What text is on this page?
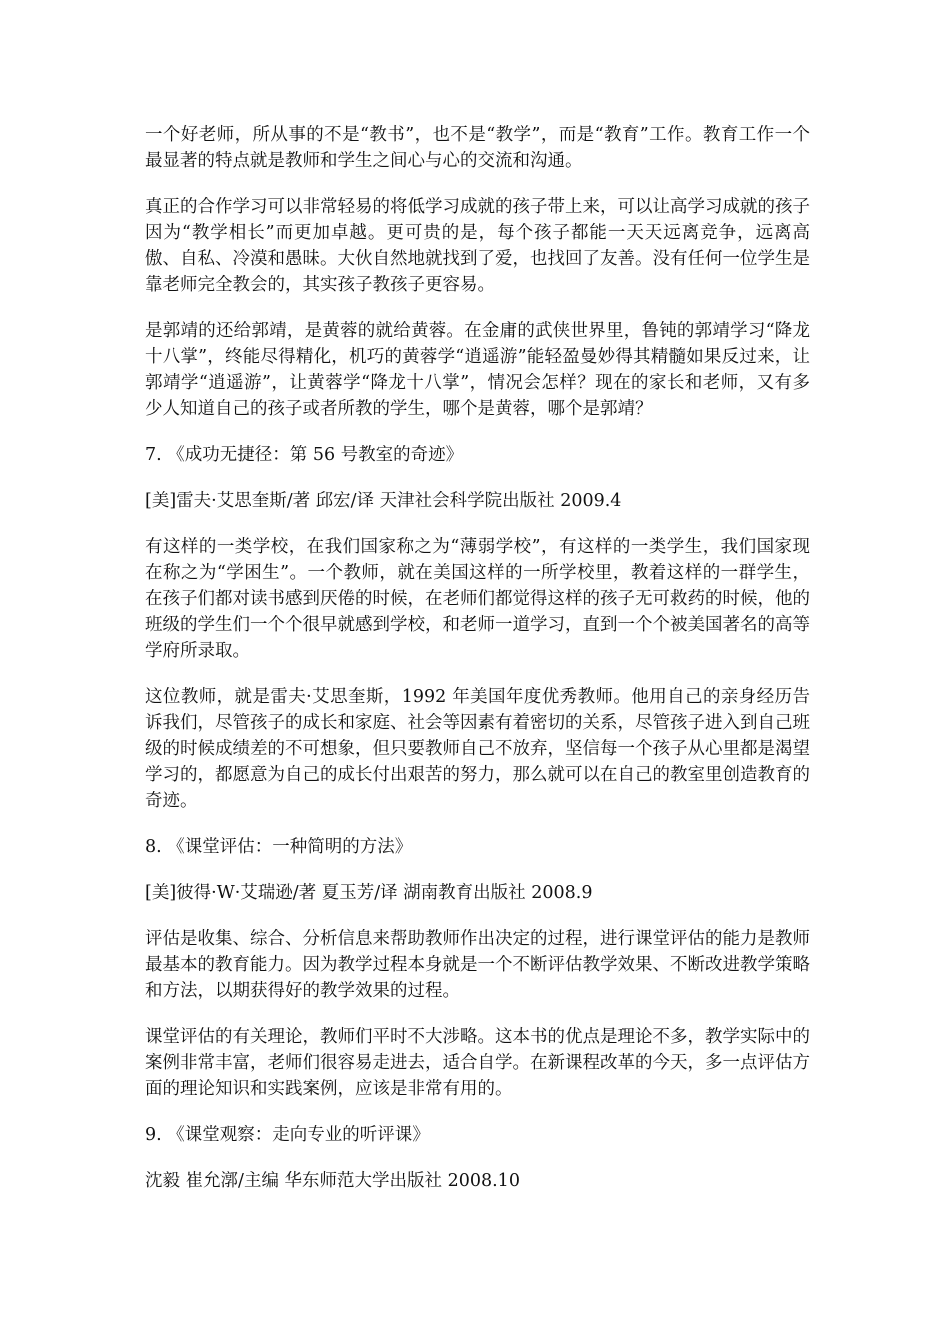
一个好老师，所从事的不是“教书”，也不是“教学”，而是“教育”工作。教育工作一个最显著的特点就是教师和学生之间心与心的交流和沟通。

真正的合作学习可以非常轻易的将低学习成就的孩子带上来，可以让高学习成就的孩子因为“教学相长”而更加卓越。更可贵的是，每个孩子都能一天天远离竞争，远离高傲、自私、冷漠和愚昧。大伙自然地就找到了爱，也找回了友善。没有任何一位学生是靠老师完全教会的，其实孩子教孩子更容易。

是郭靖的还给郭靖，是黄蓉的就给黄蓉。在金庸的武侠世界里，鲁钝的郭靖学习“降龙十八掌”，终能尽得精化，机巧的黄蓉学“逍遥游”能轻盈曼妙得其精髓如果反过来，让郭靖学“逍遥游”，让黄蓉学“降龙十八掌”，情况会怎样？现在的家长和老师，又有多少人知道自己的孩子或者所教的学生，哪个是黄蓉，哪个是郭靖？

7. 《成功无捷径：第 56 号教室的奇迹》

[美]雷夫·艾思奎斯/著 邱宏/译 天津社会科学院出版社 2009.4

有这样的一类学校，在我们国家称之为“薄弱学校”，有这样的一类学生，我们国家现在称之为“学困生”。一个教师，就在美国这样的一所学校里，教着这样的一群学生，在孩子们都对读书感到厌倦的时候，在老师们都觉得这样的孩子无可救药的时候，他的班级的学生们一个个很早就感到学校，和老师一道学习，直到一个个被美国著名的高等学府所录取。

这位教师，就是雷夫·艾思奎斯，1992 年美国年度优秀教师。他用自己的亲身经历告诉我们，尽管孩子的成长和家庭、社会等因素有着密切的关系，尽管孩子进入到自己班级的时候成绩差的不可想象，但只要教师自己不放弃，坚信每一个孩子从心里都是渴望学习的，都愿意为自己的成长付出艰苦的努力，那么就可以在自己的教室里创造教育的奇迹。

8. 《课堂评估：一种简明的方法》

[美]彼得·W·艾瑞逊/著 夏玉芳/译 湖南教育出版社 2008.9

评估是收集、综合、分析信息来帮助教师作出决定的过程，进行课堂评估的能力是教师最基本的教育能力。因为教学过程本身就是一个不断评估教学效果、不断改进教学策略和方法，以期获得好的教学效果的过程。

课堂评估的有关理论，教师们平时不大涉略。这本书的优点是理论不多，教学实际中的案例非常丰富，老师们很容易走进去，适合自学。在新课程改革的今天，多一点评估方面的理论知识和实践案例，应该是非常有用的。

9. 《课堂观察：走向专业的听评课》

沈毅 崔允漷/主编 华东师范大学出版社 2008.10
